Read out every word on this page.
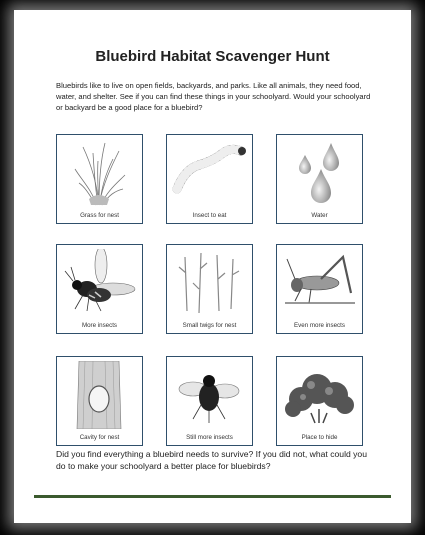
Bluebird Habitat Scavenger Hunt
Bluebirds like to live on open fields, backyards, and parks. Like all animals, they need food, water, and shelter. See if you can find these things in your schoolyard. Would your schoolyard or backyard be a good place for a bluebird?
Grass for nest	Insect to eat	Water
More insects	Small twigs for nest	Even more insects
Cavity for nest	Still more insects	Place to hide
Did you find everything a bluebird needs to survive? If you did not, what could you do to make your schoolyard a better place for bluebirds?
